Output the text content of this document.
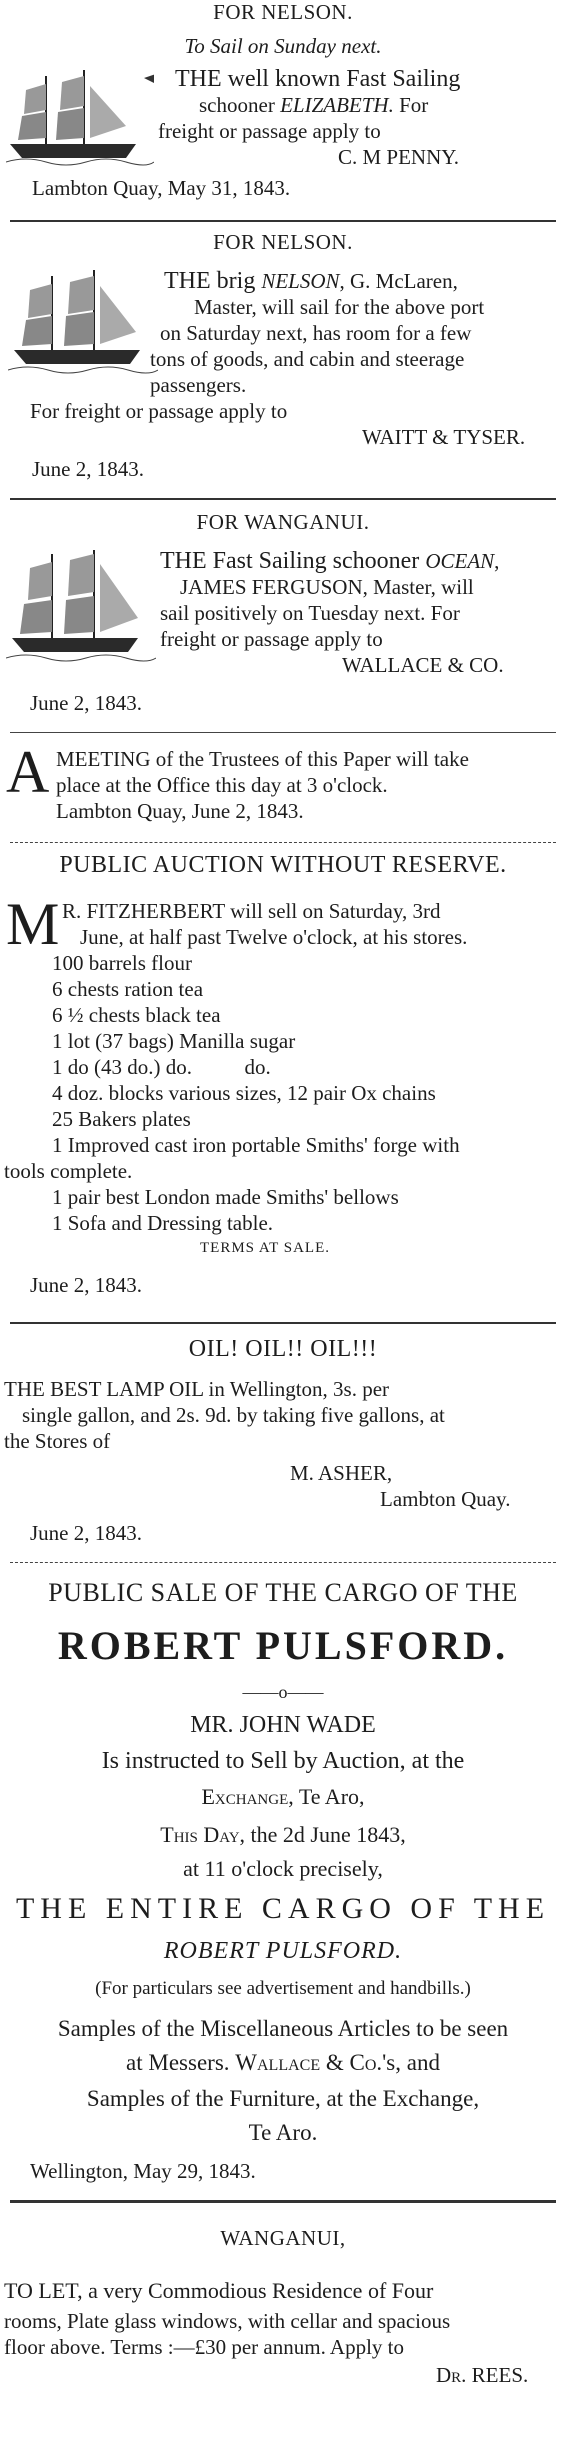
FOR NELSON.
To Sail on Sunday next.
THE well known Fast Sailing
schooner ELIZABETH. For
freight or passage apply to
C. M PENNY.
Lambton Quay, May 31, 1843.
FOR NELSON.
THE brig NELSON, G. McLaren,
Master, will sail for the above port
on Saturday next, has room for a few
tons of goods, and cabin and steerage
passengers.
For freight or passage apply to
WAITT & TYSER.
June 2, 1843.
FOR WANGANUI.
THE Fast Sailing schooner OCEAN,
JAMES FERGUSON, Master, will
sail positively on Tuesday next. For
freight or passage apply to
WALLACE & CO.
June 2, 1843.
A MEETING of the Trustees of this Paper will take
place at the Office this day at 3 o'clock.
Lambton Quay, June 2, 1843.
PUBLIC AUCTION WITHOUT RESERVE.
M R. FITZHERBERT will sell on Saturday, 3rd
June, at half past Twelve o'clock, at his stores.
100 barrels flour
6 chests ration tea
6 ½ chests black tea
1 lot (37 bags) Manilla sugar
1 do (43 do.) do.          do.
4 doz. blocks various sizes, 12 pair Ox chains
25 Bakers plates
1 Improved cast iron portable Smiths' forge with
tools complete.
1 pair best London made Smiths' bellows
1 Sofa and Dressing table.
TERMS AT SALE.
June 2, 1843.
OIL! OIL!! OIL!!!
THE BEST LAMP OIL in Wellington, 3s. per
single gallon, and 2s. 9d. by taking five gallons, at
the Stores of
M. ASHER,
Lambton Quay.
June 2, 1843.
PUBLIC SALE OF THE CARGO OF THE
ROBERT PULSFORD.
——o——
MR. JOHN WADE
Is instructed to Sell by Auction, at the
Exchange, Te Aro,
This Day, the 2d June 1843,
at 11 o'clock precisely,
THE ENTIRE CARGO OF THE
ROBERT PULSFORD.
(For particulars see advertisement and handbills.)
Samples of the Miscellaneous Articles to be seen
at Messers. Wallace & Co.'s, and
Samples of the Furniture, at the Exchange,
Te Aro.
Wellington, May 29, 1843.
WANGANUI,
TO LET, a very Commodious Residence of Four
rooms, Plate glass windows, with cellar and spacious
floor above. Terms :—£30 per annum. Apply to
Dr. REES.
